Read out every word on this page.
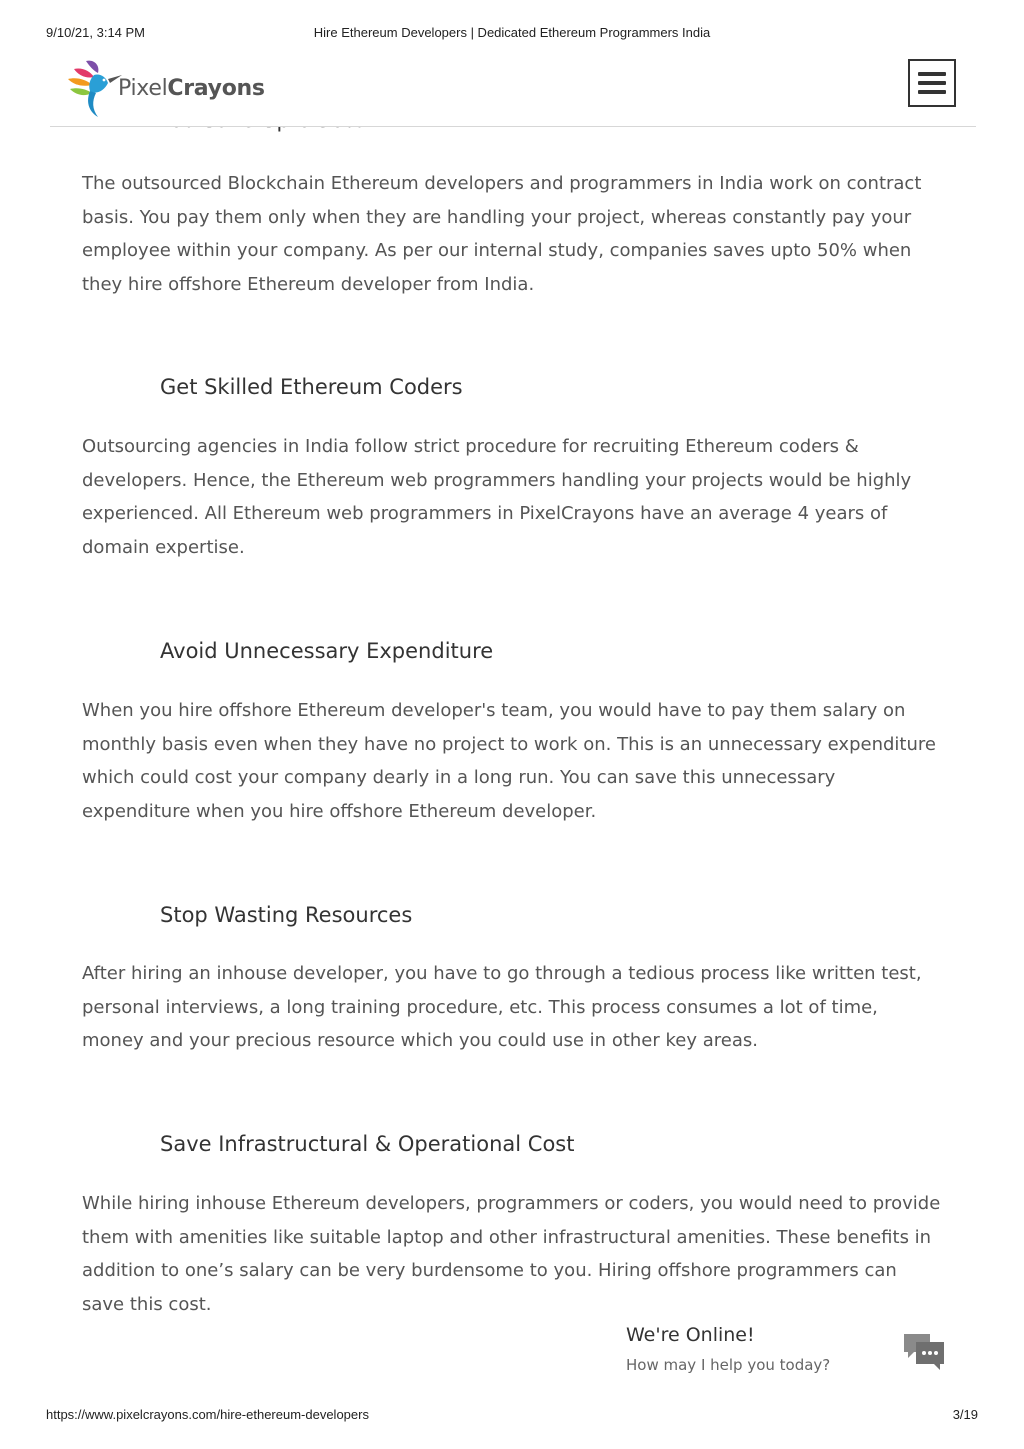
9/10/21, 3:14 PM	Hire Ethereum Developers | Dedicated Ethereum Programmers India
PixelCrayons

The outsourced Blockchain Ethereum developers and programmers in India work on contract basis. You pay them only when they are handling your project, whereas constantly pay your employee within your company. As per our internal study, companies saves upto 50% when they hire offshore Ethereum developer from India.

Get Skilled Ethereum Coders

Outsourcing agencies in India follow strict procedure for recruiting Ethereum coders & developers. Hence, the Ethereum web programmers handling your projects would be highly experienced. All Ethereum web programmers in PixelCrayons have an average 4 years of domain expertise.

Avoid Unnecessary Expenditure

When you hire offshore Ethereum developer's team, you would have to pay them salary on monthly basis even when they have no project to work on. This is an unnecessary expenditure which could cost your company dearly in a long run. You can save this unnecessary expenditure when you hire offshore Ethereum developer.

Stop Wasting Resources

After hiring an inhouse developer, you have to go through a tedious process like written test, personal interviews, a long training procedure, etc. This process consumes a lot of time, money and your precious resource which you could use in other key areas.

Save Infrastructural & Operational Cost

While hiring inhouse Ethereum developers, programmers or coders, you would need to provide them with amenities like suitable laptop and other infrastructural amenities. These benefits in addition to one’s salary can be very burdensome to you. Hiring offshore programmers can save this cost.

We're Online!
How may I help you today?
https://www.pixelcrayons.com/hire-ethereum-developers	3/19
